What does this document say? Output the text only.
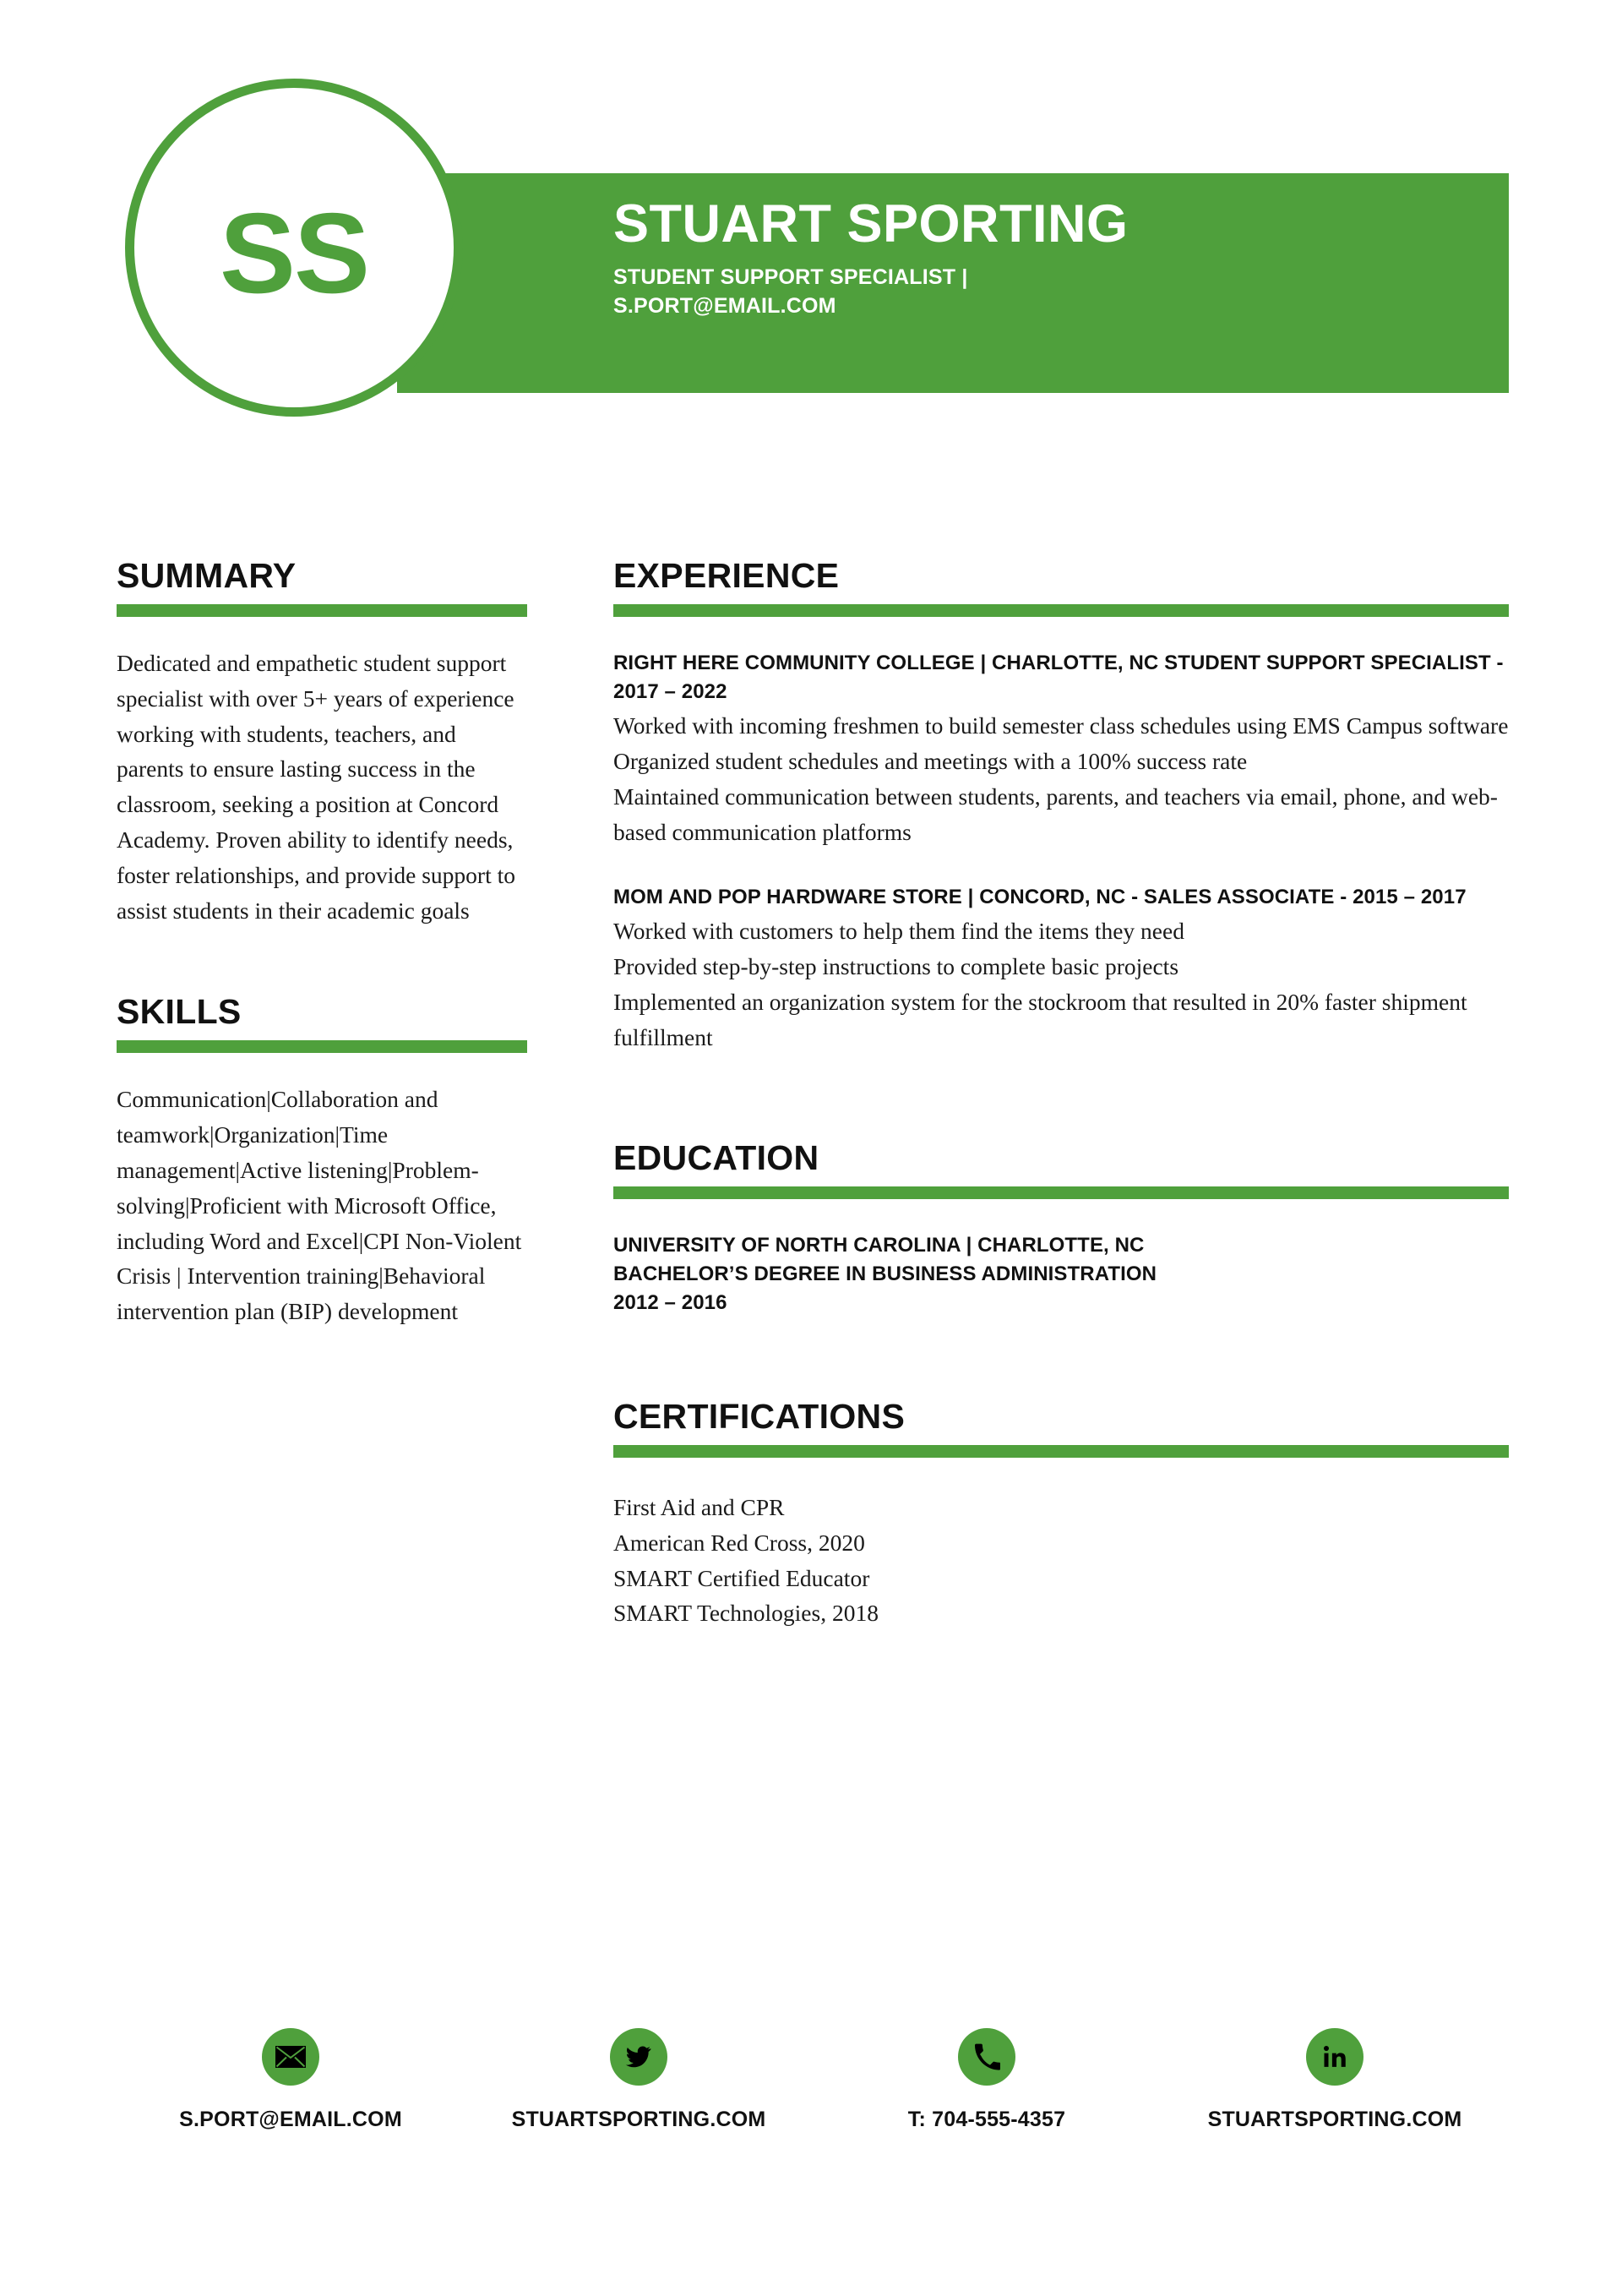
SS	STUART SPORTING

STUDENT SUPPORT SPECIALIST |

S.PORT@EMAIL.COM

SUMMARY

Dedicated and empathetic student support specialist with over 5+ years of experience working with students, teachers, and parents to ensure lasting success in the classroom, seeking a position at Concord Academy. Proven ability to identify needs, foster relationships, and provide support to assist students in their academic goals

SKILLS

Communication|Collaboration and teamwork|Organization|Time management|Active listening|Problem-solving|Proficient with Microsoft Office, including Word and Excel|CPI Non-Violent Crisis | Intervention training|Behavioral intervention plan (BIP) development

EXPERIENCE

RIGHT HERE COMMUNITY COLLEGE | CHARLOTTE, NC STUDENT SUPPORT SPECIALIST - 2017 – 2022

Worked with incoming freshmen to build semester class schedules using EMS Campus software
Organized student schedules and meetings with a 100% success rate
Maintained communication between students, parents, and teachers via email, phone, and web-based communication platforms

MOM AND POP HARDWARE STORE | CONCORD, NC - SALES ASSOCIATE - 2015 – 2017

Worked with customers to help them find the items they need
Provided step-by-step instructions to complete basic projects
Implemented an organization system for the stockroom that resulted in 20% faster shipment fulfillment
EDUCATION

UNIVERSITY OF NORTH CAROLINA | CHARLOTTE, NC

BACHELOR’S DEGREE IN BUSINESS ADMINISTRATION

2012 – 2016

CERTIFICATIONS
First Aid and CPR
American Red Cross, 2020
SMART Certified Educator
SMART Technologies, 2018
S.PORT@EMAIL.COM	STUARTSPORTING.COM	T: 704-555-4357	STUARTSPORTING.COM
